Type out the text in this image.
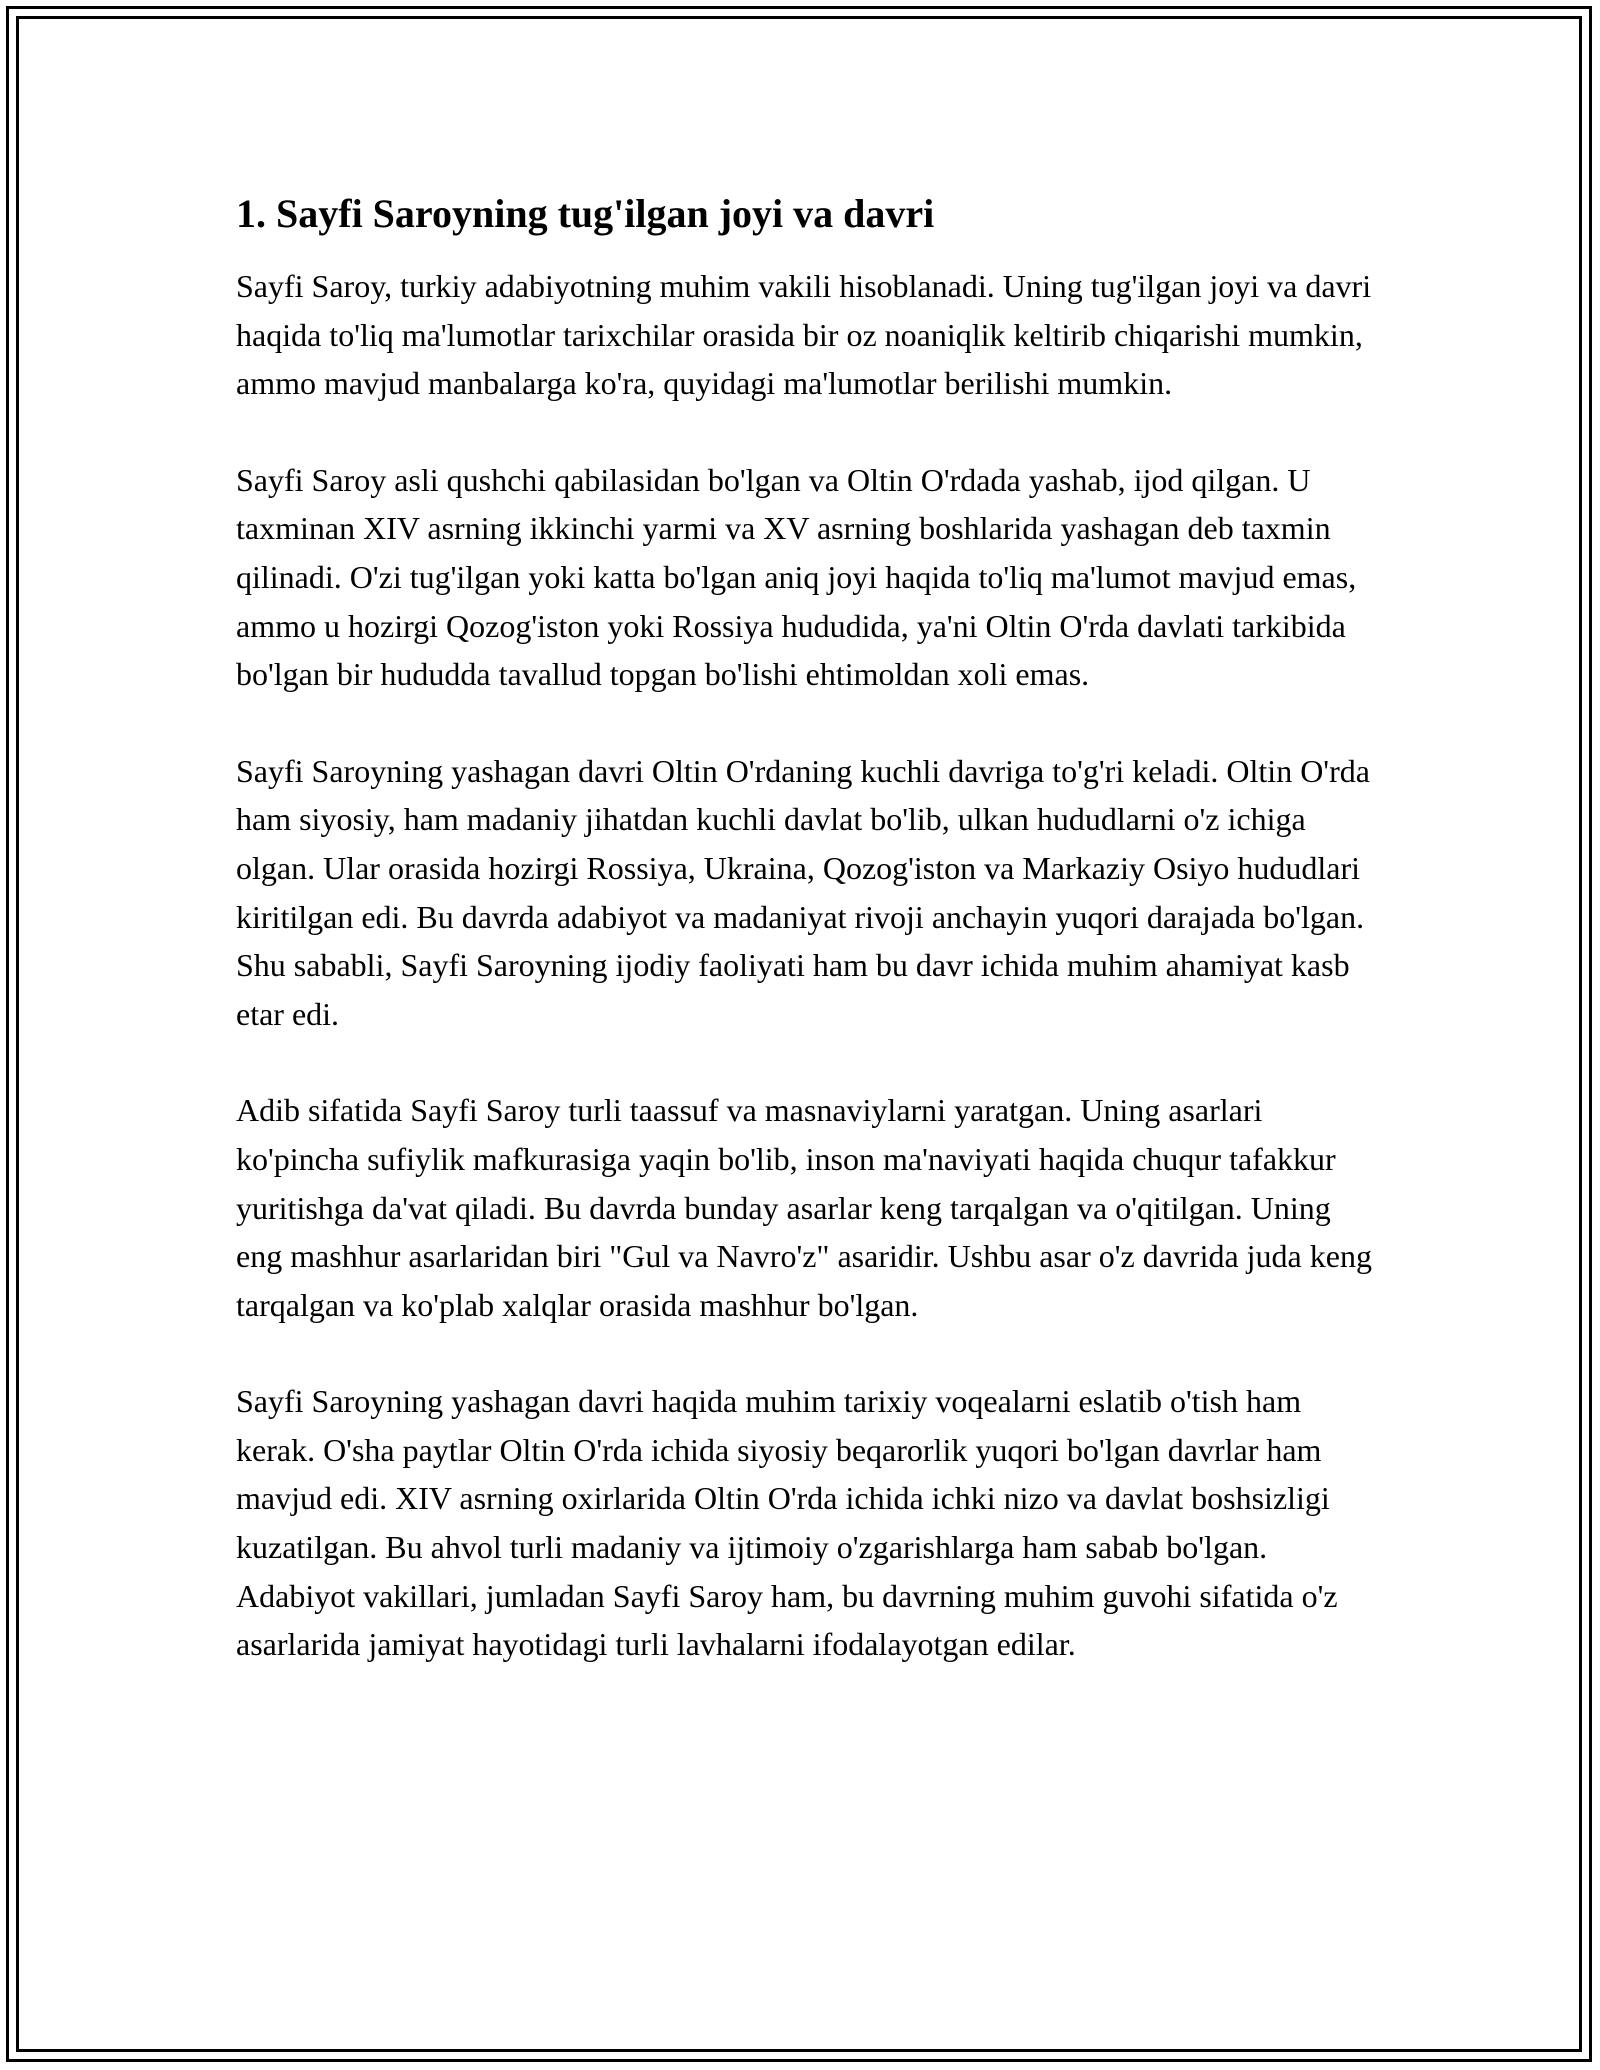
1. Sayfi Saroyning tug'ilgan joyi va davri

Sayfi Saroy, turkiy adabiyotning muhim vakili hisoblanadi. Uning tug'ilgan joyi va davri haqida to'liq ma'lumotlar tarixchilar orasida bir oz noaniqlik keltirib chiqarishi mumkin, ammo mavjud manbalarga ko'ra, quyidagi ma'lumotlar berilishi mumkin.

Sayfi Saroy asli qushchi qabilasidan bo'lgan va Oltin O'rdada yashab, ijod qilgan. U taxminan XIV asrning ikkinchi yarmi va XV asrning boshlarida yashagan deb taxmin qilinadi. O'zi tug'ilgan yoki katta bo'lgan aniq joyi haqida to'liq ma'lumot mavjud emas, ammo u hozirgi Qozog'iston yoki Rossiya hududida, ya'ni Oltin O'rda davlati tarkibida bo'lgan bir hududda tavallud topgan bo'lishi ehtimoldan xoli emas.

Sayfi Saroyning yashagan davri Oltin O'rdaning kuchli davriga to'g'ri keladi. Oltin O'rda ham siyosiy, ham madaniy jihatdan kuchli davlat bo'lib, ulkan hududlarni o'z ichiga olgan. Ular orasida hozirgi Rossiya, Ukraina, Qozog'iston va Markaziy Osiyo hududlari kiritilgan edi. Bu davrda adabiyot va madaniyat rivoji anchayin yuqori darajada bo'lgan. Shu sababli, Sayfi Saroyning ijodiy faoliyati ham bu davr ichida muhim ahamiyat kasb etar edi.

Adib sifatida Sayfi Saroy turli taassuf va masnaviylarni yaratgan. Uning asarlari ko'pincha sufiylik mafkurasiga yaqin bo'lib, inson ma'naviyati haqida chuqur tafakkur yuritishga da'vat qiladi. Bu davrda bunday asarlar keng tarqalgan va o'qitilgan. Uning eng mashhur asarlaridan biri "Gul va Navro'z" asaridir. Ushbu asar o'z davrida juda keng tarqalgan va ko'plab xalqlar orasida mashhur bo'lgan.

Sayfi Saroyning yashagan davri haqida muhim tarixiy voqealarni eslatib o'tish ham kerak. O'sha paytlar Oltin O'rda ichida siyosiy beqarorlik yuqori bo'lgan davrlar ham mavjud edi. XIV asrning oxirlarida Oltin O'rda ichida ichki nizo va davlat boshsizligi kuzatilgan. Bu ahvol turli madaniy va ijtimoiy o'zgarishlarga ham sabab bo'lgan. Adabiyot vakillari, jumladan Sayfi Saroy ham, bu davrning muhim guvohi sifatida o'z asarlarida jamiyat hayotidagi turli lavhalarni ifodalayotgan edilar.
